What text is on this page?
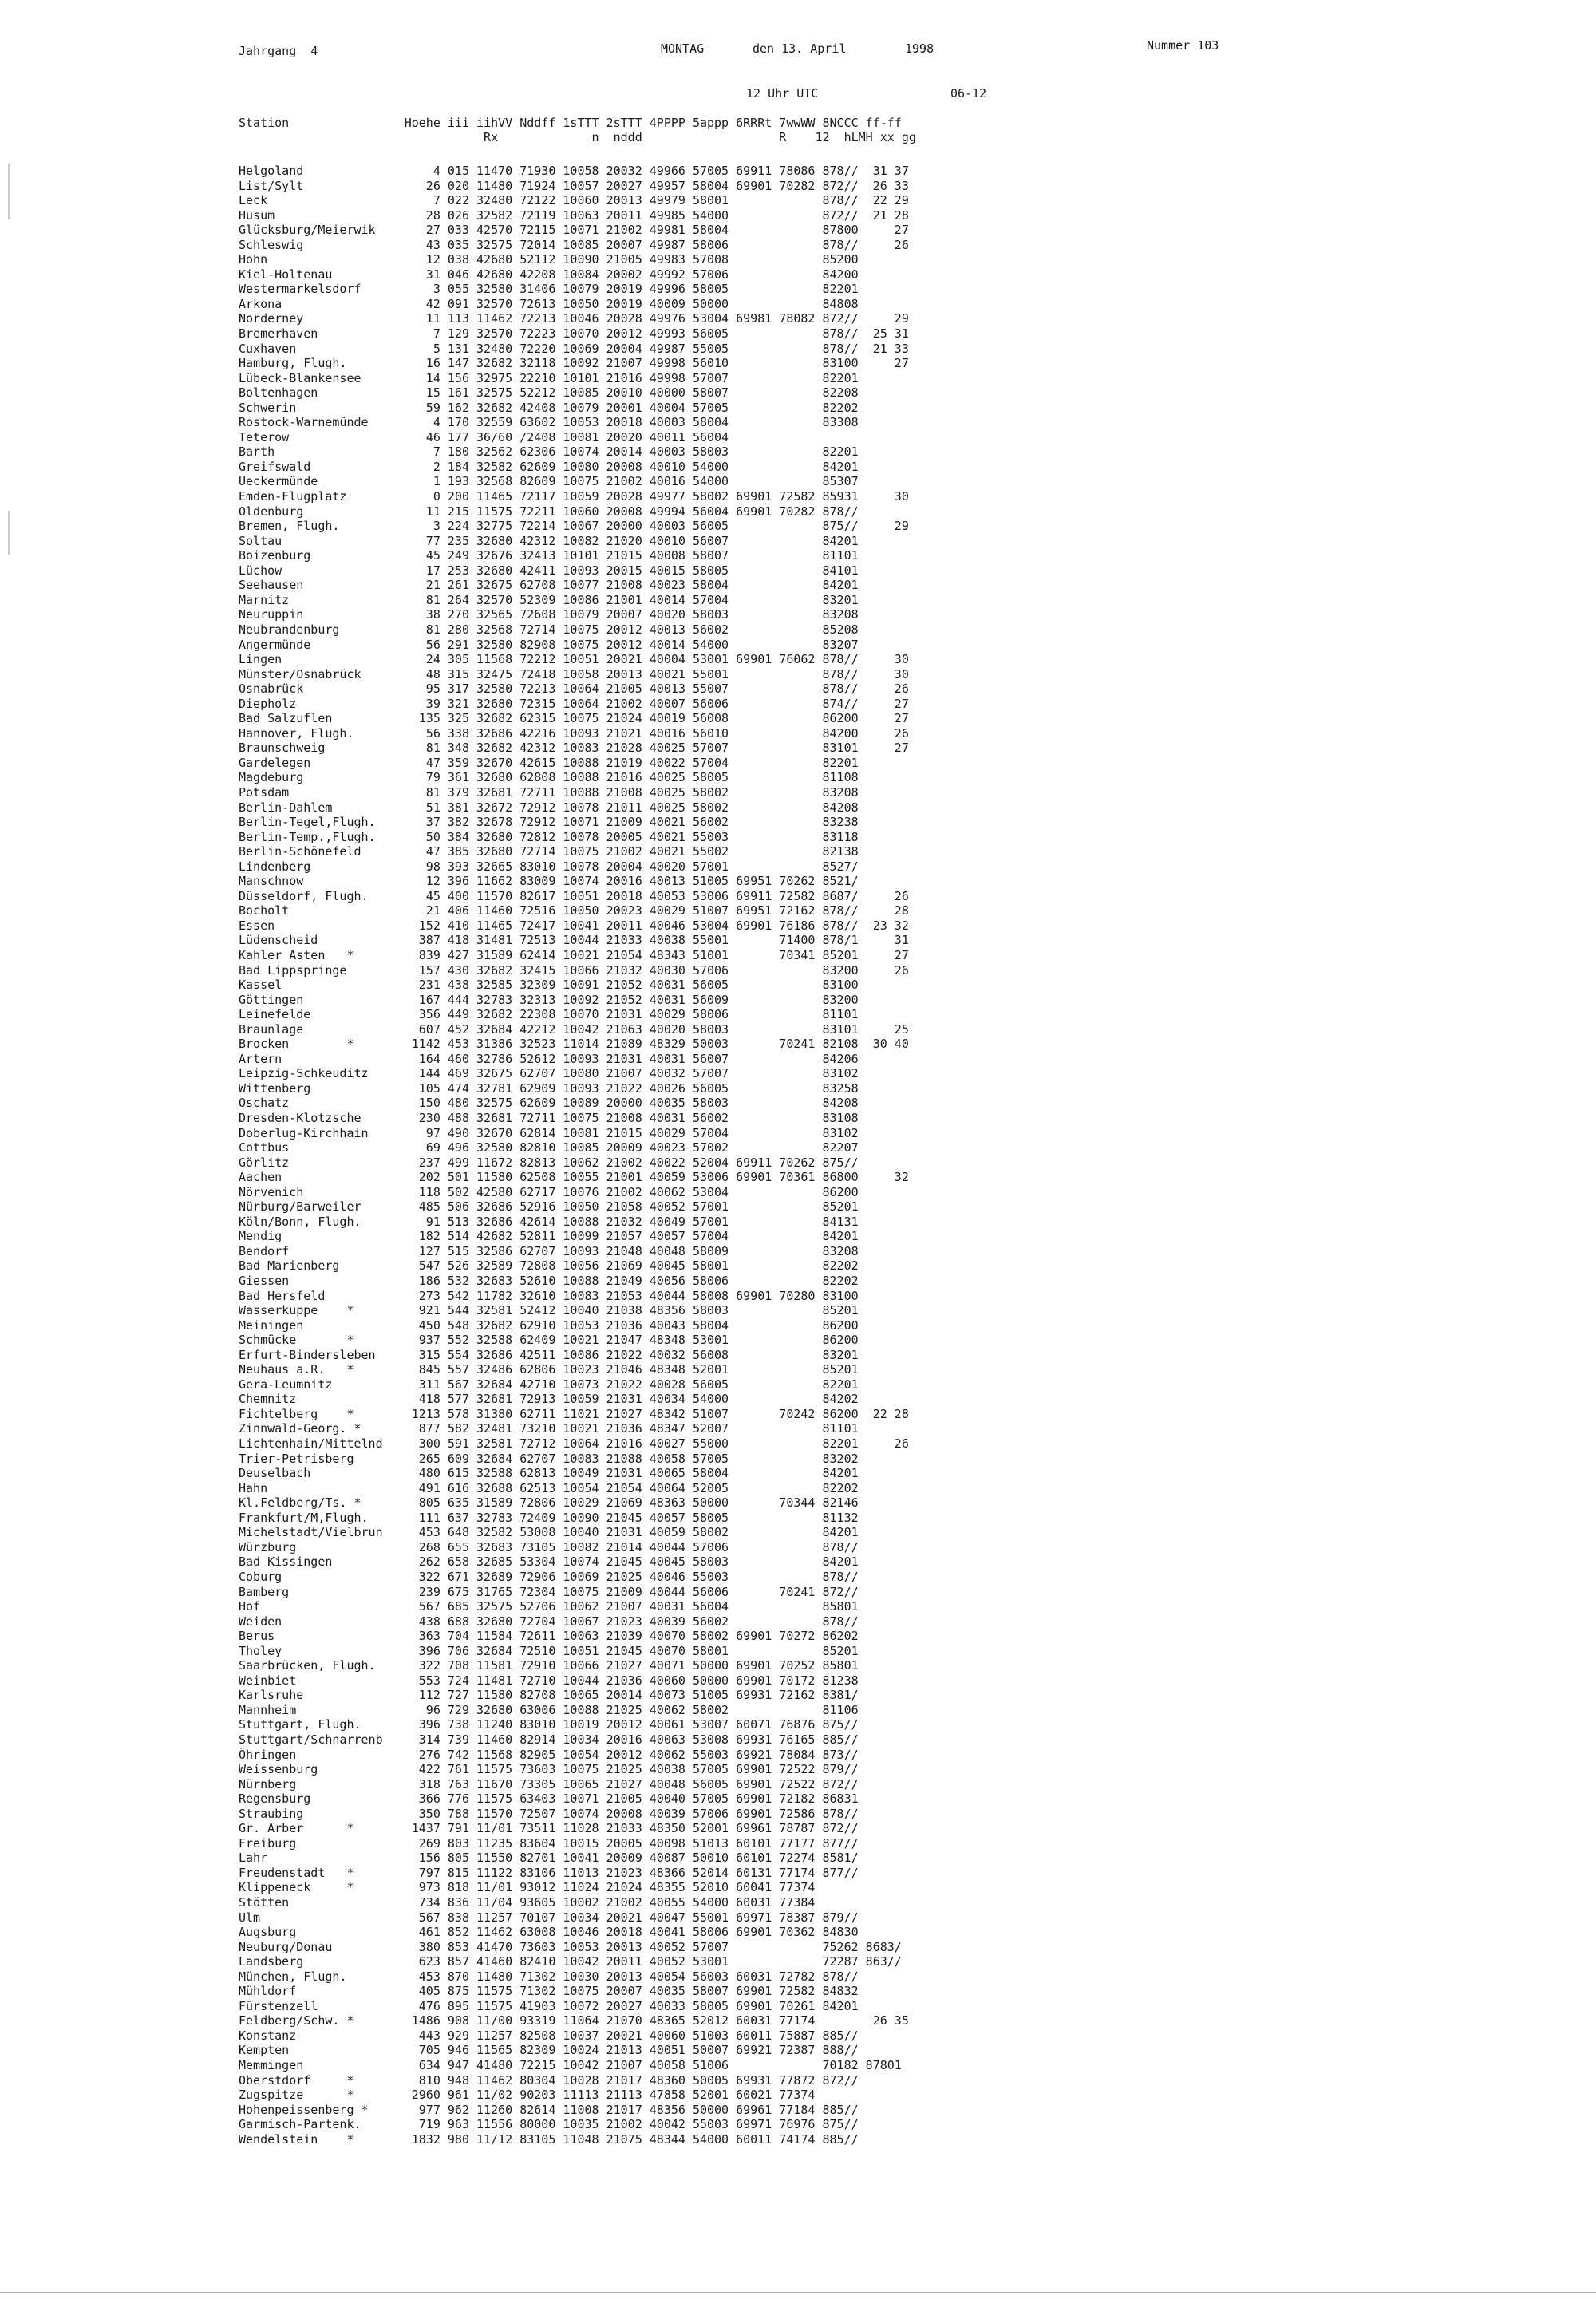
Jahrgang  4	MONTAG	den 13. April	1998	Nummer 103
12 Uhr UTC	06-12
Station                Hoehe iii iihVV Nddff 1sTTT 2sTTT 4PPPP 5appp 6RRRt 7wwWW 8NCCC ff-ff
Rx             n  nddd                   R    12  hLMH xx gg
Helgoland                  4 015 11470 71930 10058 20032 49966 57005 69911 78086 878//  31 37
List/Sylt                 26 020 11480 71924 10057 20027 49957 58004 69901 70282 872//  26 33
Leck                       7 022 32480 72122 10060 20013 49979 58001             878//  22 29
Husum                     28 026 32582 72119 10063 20011 49985 54000             872//  21 28
Glücksburg/Meierwik       27 033 42570 72115 10071 21002 49981 58004             87800     27
Schleswig                 43 035 32575 72014 10085 20007 49987 58006             878//     26
Hohn                      12 038 42680 52112 10090 21005 49983 57008             85200
Kiel-Holtenau             31 046 42680 42208 10084 20002 49992 57006             84200
Westermarkelsdorf          3 055 32580 31406 10079 20019 49996 58005             82201
Arkona                    42 091 32570 72613 10050 20019 40009 50000             84808
Norderney                 11 113 11462 72213 10046 20028 49976 53004 69981 78082 872//     29
Bremerhaven                7 129 32570 72223 10070 20012 49993 56005             878//  25 31
Cuxhaven                   5 131 32480 72220 10069 20004 49987 55005             878//  21 33
Hamburg, Flugh.           16 147 32682 32118 10092 21007 49998 56010             83100     27
Lübeck-Blankensee         14 156 32975 22210 10101 21016 49998 57007             82201
Boltenhagen               15 161 32575 52212 10085 20010 40000 58007             82208
Schwerin                  59 162 32682 42408 10079 20001 40004 57005             82202
Rostock-Warnemünde         4 170 32559 63602 10053 20018 40003 58004             83308
Teterow                   46 177 36/60 /2408 10081 20020 40011 56004
Barth                      7 180 32562 62306 10074 20014 40003 58003             82201
Greifswald                 2 184 32582 62609 10080 20008 40010 54000             84201
Ueckermünde                1 193 32568 82609 10075 21002 40016 54000             85307
Emden-Flugplatz            0 200 11465 72117 10059 20028 49977 58002 69901 72582 85931     30
Oldenburg                 11 215 11575 72211 10060 20008 49994 56004 69901 70282 878//
Bremen, Flugh.             3 224 32775 72214 10067 20000 40003 56005             875//     29
Soltau                    77 235 32680 42312 10082 21020 40010 56007             84201
Boizenburg                45 249 32676 32413 10101 21015 40008 58007             81101
Lüchow                    17 253 32680 42411 10093 20015 40015 58005             84101
Seehausen                 21 261 32675 62708 10077 21008 40023 58004             84201
Marnitz                   81 264 32570 52309 10086 21001 40014 57004             83201
Neuruppin                 38 270 32565 72608 10079 20007 40020 58003             83208
Neubrandenburg            81 280 32568 72714 10075 20012 40013 56002             85208
Angermünde                56 291 32580 82908 10075 20012 40014 54000             83207
Lingen                    24 305 11568 72212 10051 20021 40004 53001 69901 76062 878//     30
Münster/Osnabrück         48 315 32475 72418 10058 20013 40021 55001             878//     30
Osnabrück                 95 317 32580 72213 10064 21005 40013 55007             878//     26
Diepholz                  39 321 32680 72315 10064 21002 40007 56006             874//     27
Bad Salzuflen            135 325 32682 62315 10075 21024 40019 56008             86200     27
Hannover, Flugh.          56 338 32686 42216 10093 21021 40016 56010             84200     26
Braunschweig              81 348 32682 42312 10083 21028 40025 57007             83101     27
Gardelegen                47 359 32670 42615 10088 21019 40022 57004             82201
Magdeburg                 79 361 32680 62808 10088 21016 40025 58005             81108
Potsdam                   81 379 32681 72711 10088 21008 40025 58002             83208
Berlin-Dahlem             51 381 32672 72912 10078 21011 40025 58002             84208
Berlin-Tegel,Flugh.       37 382 32678 72912 10071 21009 40021 56002             83238
Berlin-Temp.,Flugh.       50 384 32680 72812 10078 20005 40021 55003             83118
Berlin-Schönefeld         47 385 32680 72714 10075 21002 40021 55002             82138
Lindenberg                98 393 32665 83010 10078 20004 40020 57001             8527/
Manschnow                 12 396 11662 83009 10074 20016 40013 51005 69951 70262 8521/
Düsseldorf, Flugh.        45 400 11570 82617 10051 20018 40053 53006 69911 72582 8687/     26
Bocholt                   21 406 11460 72516 10050 20023 40029 51007 69951 72162 878//     28
Essen                    152 410 11465 72417 10041 20011 40046 53004 69901 76186 878//  23 32
Lüdenscheid              387 418 31481 72513 10044 21033 40038 55001       71400 878/1     31
Kahler Asten   *         839 427 31589 62414 10021 21054 48343 51001       70341 85201     27
Bad Lippspringe          157 430 32682 32415 10066 21032 40030 57006             83200     26
Kassel                   231 438 32585 32309 10091 21052 40031 56005             83100
Göttingen                167 444 32783 32313 10092 21052 40031 56009             83200
Leinefelde               356 449 32682 22308 10070 21031 40029 58006             81101
Braunlage                607 452 32684 42212 10042 21063 40020 58003             83101     25
Brocken        *        1142 453 31386 32523 11014 21089 48329 50003       70241 82108  30 40
Artern                   164 460 32786 52612 10093 21031 40031 56007             84206
Leipzig-Schkeuditz       144 469 32675 62707 10080 21007 40032 57007             83102
Wittenberg               105 474 32781 62909 10093 21022 40026 56005             83258
Oschatz                  150 480 32575 62609 10089 20000 40035 58003             84208
Dresden-Klotzsche        230 488 32681 72711 10075 21008 40031 56002             83108
Doberlug-Kirchhain        97 490 32670 62814 10081 21015 40029 57004             83102
Cottbus                   69 496 32580 82810 10085 20009 40023 57002             82207
Görlitz                  237 499 11672 82813 10062 21002 40022 52004 69911 70262 875//
Aachen                   202 501 11580 62508 10055 21001 40059 53006 69901 70361 86800     32
Nörvenich                118 502 42580 62717 10076 21002 40062 53004             86200
Nürburg/Barweiler        485 506 32686 52916 10050 21058 40052 57001             85201
Köln/Bonn, Flugh.         91 513 32686 42614 10088 21032 40049 57001             84131
Mendig                   182 514 42682 52811 10099 21057 40057 57004             84201
Bendorf                  127 515 32586 62707 10093 21048 40048 58009             83208
Bad Marienberg           547 526 32589 72808 10056 21069 40045 58001             82202
Giessen                  186 532 32683 52610 10088 21049 40056 58006             82202
Bad Hersfeld             273 542 11782 32610 10083 21053 40044 58008 69901 70280 83100
Wasserkuppe    *         921 544 32581 52412 10040 21038 48356 58003             85201
Meiningen                450 548 32682 62910 10053 21036 40043 58004             86200
Schmücke       *         937 552 32588 62409 10021 21047 48348 53001             86200
Erfurt-Bindersleben      315 554 32686 42511 10086 21022 40032 56008             83201
Neuhaus a.R.   *         845 557 32486 62806 10023 21046 48348 52001             85201
Gera-Leumnitz            311 567 32684 42710 10073 21022 40028 56005             82201
Chemnitz                 418 577 32681 72913 10059 21031 40034 54000             84202
Fichtelberg    *        1213 578 31380 62711 11021 21027 48342 51007       70242 86200  22 28
Zinnwald-Georg. *        877 582 32481 73210 10021 21036 48347 52007             81101
Lichtenhain/Mittelnd     300 591 32581 72712 10064 21016 40027 55000             82201     26
Trier-Petrisberg         265 609 32684 62707 10083 21088 40058 57005             83202
Deuselbach               480 615 32588 62813 10049 21031 40065 58004             84201
Hahn                     491 616 32688 62513 10054 21054 40064 52005             82202
Kl.Feldberg/Ts. *        805 635 31589 72806 10029 21069 48363 50000       70344 82146
Frankfurt/M,Flugh.       111 637 32783 72409 10090 21045 40057 58005             81132
Michelstadt/Vielbrun     453 648 32582 53008 10040 21031 40059 58002             84201
Würzburg                 268 655 32683 73105 10082 21014 40044 57006             878//
Bad Kissingen            262 658 32685 53304 10074 21045 40045 58003             84201
Coburg                   322 671 32689 72906 10069 21025 40046 55003             878//
Bamberg                  239 675 31765 72304 10075 21009 40044 56006       70241 872//
Hof                      567 685 32575 52706 10062 21007 40031 56004             85801
Weiden                   438 688 32680 72704 10067 21023 40039 56002             878//
Berus                    363 704 11584 72611 10063 21039 40070 58002 69901 70272 86202
Tholey                   396 706 32684 72510 10051 21045 40070 58001             85201
Saarbrücken, Flugh.      322 708 11581 72910 10066 21027 40071 50000 69901 70252 85801
Weinbiet                 553 724 11481 72710 10044 21036 40060 50000 69901 70172 81238
Karlsruhe                112 727 11580 82708 10065 20014 40073 51005 69931 72162 8381/
Mannheim                  96 729 32680 63006 10088 21025 40062 58002             81106
Stuttgart, Flugh.        396 738 11240 83010 10019 20012 40061 53007 60071 76876 875//
Stuttgart/Schnarrenb     314 739 11460 82914 10034 20016 40063 53008 69931 76165 885//
Öhringen                 276 742 11568 82905 10054 20012 40062 55003 69921 78084 873//
Weissenburg              422 761 11575 73603 10075 21025 40038 57005 69901 72522 879//
Nürnberg                 318 763 11670 73305 10065 21027 40048 56005 69901 72522 872//
Regensburg               366 776 11575 63403 10071 21005 40040 57005 69901 72182 86831
Straubing                350 788 11570 72507 10074 20008 40039 57006 69901 72586 878//
Gr. Arber      *        1437 791 11/01 73511 11028 21033 48350 52001 69961 78787 872//
Freiburg                 269 803 11235 83604 10015 20005 40098 51013 60101 77177 877//
Lahr                     156 805 11550 82701 10041 20009 40087 50010 60101 72274 8581/
Freudenstadt   *         797 815 11122 83106 11013 21023 48366 52014 60131 77174 877//
Klippeneck     *         973 818 11/01 93012 11024 21024 48355 52010 60041 77374
Stötten                  734 836 11/04 93605 10002 21002 40055 54000 60031 77384
Ulm                      567 838 11257 70107 10034 20021 40047 55001 69971 78387 879//
Augsburg                 461 852 11462 63008 10046 20018 40041 58006 69901 70362 84830
Neuburg/Donau            380 853 41470 73603 10053 20013 40052 57007             75262 8683/
Landsberg                623 857 41460 82410 10042 20011 40052 53001             72287 863//
München, Flugh.          453 870 11480 71302 10030 20013 40054 56003 60031 72782 878//
Mühldorf                 405 875 11575 71302 10075 20007 40035 58007 69901 72582 84832
Fürstenzell              476 895 11575 41903 10072 20027 40033 58005 69901 70261 84201
Feldberg/Schw. *        1486 908 11/00 93319 11064 21070 48365 52012 60031 77174        26 35
Konstanz                 443 929 11257 82508 10037 20021 40060 51003 60011 75887 885//
Kempten                  705 946 11565 82309 10024 21013 40051 50007 69921 72387 888//
Memmingen                634 947 41480 72215 10042 21007 40058 51006             70182 87801
Oberstdorf     *         810 948 11462 80304 10028 21017 48360 50005 69931 77872 872//
Zugspitze      *        2960 961 11/02 90203 11113 21113 47858 52001 60021 77374
Hohenpeissenberg *       977 962 11260 82614 11008 21017 48356 50000 69961 77184 885//
Garmisch-Partenk.        719 963 11556 80000 10035 21002 40042 55003 69971 76976 875//
Wendelstein    *        1832 980 11/12 83105 11048 21075 48344 54000 60011 74174 885//
